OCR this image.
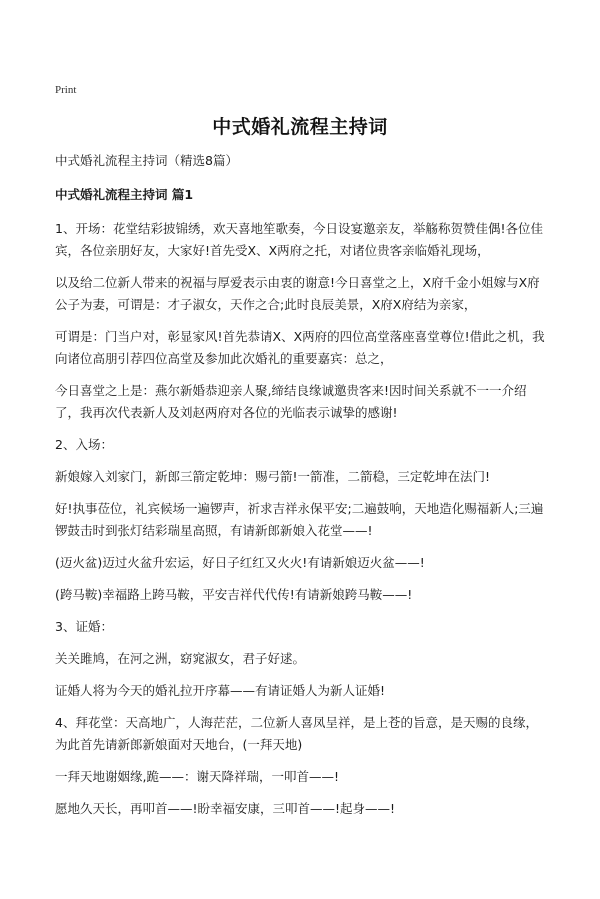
Print
中式婚礼流程主持词

中式婚礼流程主持词（精选8篇）

中式婚礼流程主持词 篇1

1、开场：花堂结彩披锦绣，欢天喜地笙歌奏，今日设宴邀亲友，举觞称贺赞佳偶!各位佳宾，各位亲朋好友，大家好!首先受X、X两府之托，对诸位贵客亲临婚礼现场，

以及给二位新人带来的祝福与厚爱表示由衷的谢意!今日喜堂之上，X府千金小姐嫁与X府公子为妻，可谓是：才子淑女，天作之合;此时良辰美景，X府X府结为亲家，

可谓是：门当户对，彰显家风!首先恭请X、X两府的四位高堂落座喜堂尊位!借此之机，我向诸位高朋引荐四位高堂及参加此次婚礼的重要嘉宾：总之，

今日喜堂之上是：燕尔新婚恭迎亲人聚,缔结良缘诚邀贵客来!因时间关系就不一一介绍了，我再次代表新人及刘赵两府对各位的光临表示诚挚的感谢!

2、入场：

新娘嫁入刘家门，新郎三箭定乾坤：赐弓箭!一箭准，二箭稳，三定乾坤在法门!

好!执事莅位，礼宾候场一遍锣声，祈求吉祥永保平安;二遍鼓响，天地造化赐福新人;三遍锣鼓击时到张灯结彩瑞星高照，有请新郎新娘入花堂——!

(迈火盆)迈过火盆升宏运，好日子红红又火火!有请新娘迈火盆——!

(跨马鞍)幸福路上跨马鞍，平安吉祥代代传!有请新娘跨马鞍——!

3、证婚：

关关雎鸠，在河之洲，窈窕淑女，君子好逑。

证婚人将为今天的婚礼拉开序幕——有请证婚人为新人证婚!

4、拜花堂：天高地广，人海茫茫，二位新人喜凤呈祥，是上苍的旨意，是天赐的良缘，为此首先请新郎新娘面对天地台，(一拜天地)

一拜天地谢姻缘,跪——：谢天降祥瑞，一叩首——!

愿地久天长，再叩首——!盼幸福安康，三叩首——!起身——!
